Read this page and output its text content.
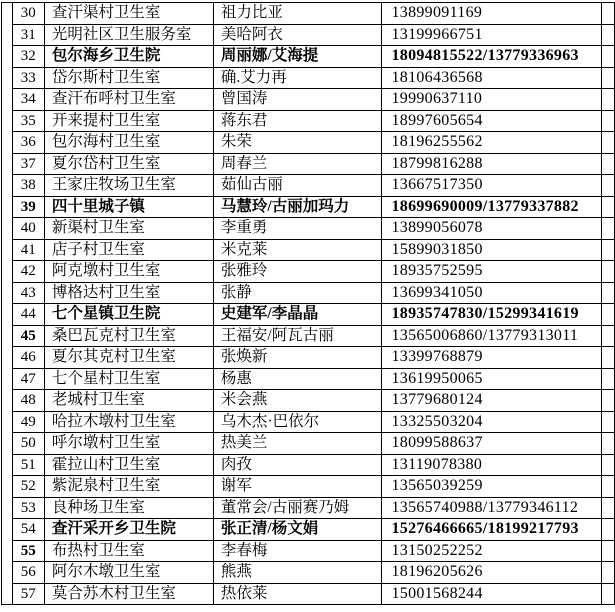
	30	查汗渠村卫生室	祖力比亚	13899091169	
	31	光明社区卫生服务室	美哈阿衣	13199966751	
	32	包尔海乡卫生院	周丽娜/艾海提	18094815522/13779336963	
	33	岱尔斯村卫生室	确.艾力再	18106436568	
	34	查汗布呼村卫生室	曾国涛	19990637110	
	35	开来提村卫生室	蒋东君	18997605654	
	36	包尔海村卫生室	朱荣	18196255562	
	37	夏尔岱村卫生室	周春兰	18799816288	
	38	王家庄牧场卫生室	茹仙古丽	13667517350	
	39	四十里城子镇	马慧玲/古丽加玛力	18699690009/13779337882	
	40	新渠村卫生室	李重勇	13899056078	
	41	店子村卫生室	米克莱	15899031850	
	42	阿克墩村卫生室	张雅玲	18935752595	
	43	博格达村卫生室	张静	13699341050	
	44	七个星镇卫生院	史建军/李晶晶	18935747830/15299341619	
	45	桑巴瓦克村卫生室	王福安/阿瓦古丽	13565006860/13779313011	
	46	夏尔其克村卫生室	张焕新	13399768879	
	47	七个星村卫生室	杨惠	13619950065	
	48	老城村卫生室	米会燕	13779680124	
	49	哈拉木墩村卫生室	乌木杰·巴依尔	13325503204	
	50	呼尔墩村卫生室	热美兰	18099588637	
	51	霍拉山村卫生室	肉孜	13119078380	
	52	紫泥泉村卫生室	谢军	13565039259	
	53	良种场卫生室	董常会/古丽赛乃姆	13565740988/13779346112	
	54	查汗采开乡卫生院	张正清/杨文娟	15276466665/18199217793	
	55	布热村卫生室	李春梅	13150252252	
	56	阿尔木墩卫生室	熊燕	18196205626	
	57	莫合苏木村卫生室	热依莱	15001568244	
